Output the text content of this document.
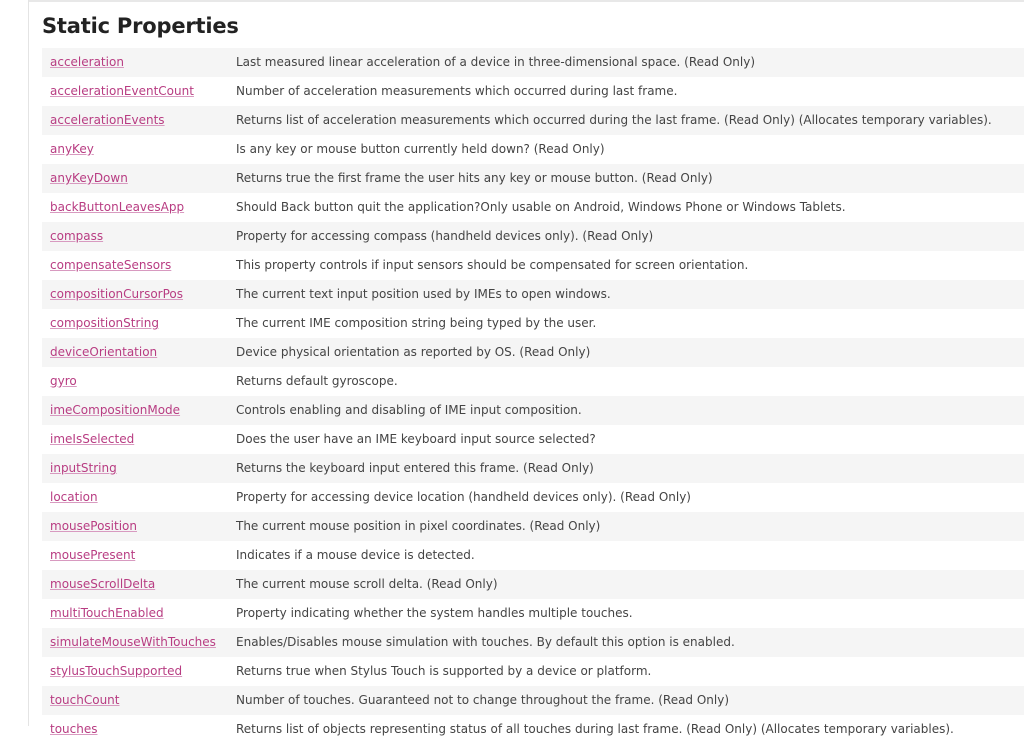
Static Properties
acceleration	Last measured linear acceleration of a device in three-dimensional space. (Read Only)
accelerationEventCount	Number of acceleration measurements which occurred during last frame.
accelerationEvents	Returns list of acceleration measurements which occurred during the last frame. (Read Only) (Allocates temporary variables).
anyKey	Is any key or mouse button currently held down? (Read Only)
anyKeyDown	Returns true the first frame the user hits any key or mouse button. (Read Only)
backButtonLeavesApp	Should Back button quit the application?Only usable on Android, Windows Phone or Windows Tablets.
compass	Property for accessing compass (handheld devices only). (Read Only)
compensateSensors	This property controls if input sensors should be compensated for screen orientation.
compositionCursorPos	The current text input position used by IMEs to open windows.
compositionString	The current IME composition string being typed by the user.
deviceOrientation	Device physical orientation as reported by OS. (Read Only)
gyro	Returns default gyroscope.
imeCompositionMode	Controls enabling and disabling of IME input composition.
imeIsSelected	Does the user have an IME keyboard input source selected?
inputString	Returns the keyboard input entered this frame. (Read Only)
location	Property for accessing device location (handheld devices only). (Read Only)
mousePosition	The current mouse position in pixel coordinates. (Read Only)
mousePresent	Indicates if a mouse device is detected.
mouseScrollDelta	The current mouse scroll delta. (Read Only)
multiTouchEnabled	Property indicating whether the system handles multiple touches.
simulateMouseWithTouches	Enables/Disables mouse simulation with touches. By default this option is enabled.
stylusTouchSupported	Returns true when Stylus Touch is supported by a device or platform.
touchCount	Number of touches. Guaranteed not to change throughout the frame. (Read Only)
touches	Returns list of objects representing status of all touches during last frame. (Read Only) (Allocates temporary variables).
